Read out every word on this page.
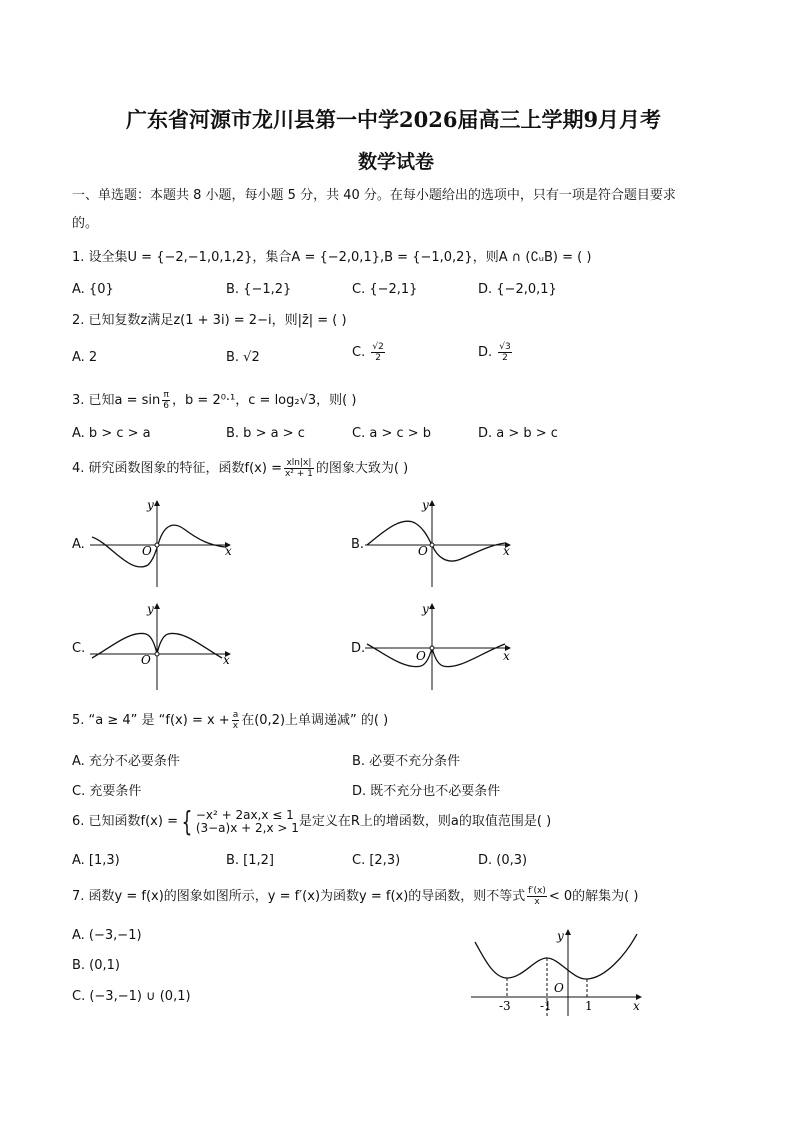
广东省河源市龙川县第一中学2026届高三上学期9月月考
数学试卷
一、单选题：本题共 8 小题，每小题 5 分，共 40 分。在每小题给出的选项中，只有一项是符合题目要求
的。
1. 设全集U = {−2,−1,0,1,2}，集合A = {−2,0,1},B = {−1,0,2}，则A ∩ (∁ᵤB) = ( )
A. {0}	B. {−1,2}	C. {−2,1}	D. {−2,0,1}
2. 已知复数z满足z(1 + 3i) = 2−i，则|z̄| = ( )
A. 2	B. √2	C. $\frac{√2}{2}$	D. $\frac{√3}{2}$
3. 已知$a = \sin \frac{\pi}{6}$ ，b = 2⁰·¹，c = log₂√3，则( )
A. b > c > a	B. b > a > c	C. a > c > b	D. a > b > c
4. 研究函数图象的特征，函数$f(x) = \frac{xln|x|}{\text{x² + 1}}$ 的图象大致为( )
A.	B.
C.	D.
y
x
O
y
x
O
y
x
O
y
x
O
5. “a ≥ 4” 是 “$f(x) = x + \frac{a}{x}$ 在(0,2)上单调递减” 的( )
A. 充分不必要条件	B. 必要不充分条件
C. 充要条件	D. 既不充分也不必要条件
6. 已知函数f(x) = { −x² + 2ax,x ≤ 1
(3−a)x + 2,x > 1 是定义在R上的增函数，则a的取值范围是( )
A. [1,3)	B. [1,2]	C. [2,3)	D. (0,3)
7. 函数y = f(x)的图象如图所示，y = f′(x)为函数y = f(x)的导函数，则不等式 $\frac{f'(x)}{x} < 0$的解集为( )
A. (−3,−1)
B. (0,1)
C. (−3,−1) ∪ (0,1)
y
x
O
-3 -1	1
